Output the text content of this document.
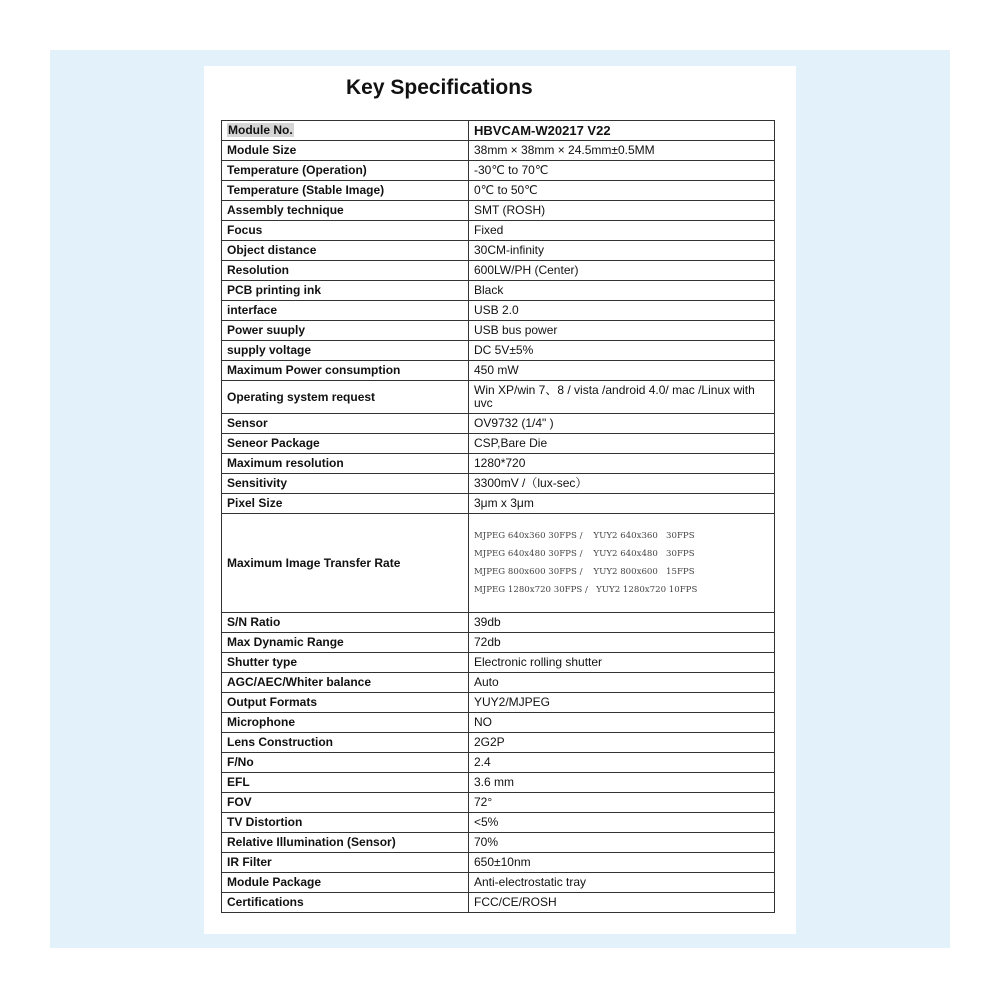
Key Specifications
Module No.	HBVCAM-W20217 V22
Module Size	38mm × 38mm × 24.5mm±0.5MM
Temperature (Operation)	-30℃ to 70℃
Temperature (Stable Image)	0℃ to 50℃
Assembly technique	SMT (ROSH)
Focus	Fixed
Object distance	30CM-infinity
Resolution	600LW/PH (Center)
PCB printing ink	Black
interface	USB 2.0
Power suuply	USB bus power
supply voltage	DC 5V±5%
Maximum Power consumption	450 mW
Operating system request	Win XP/win 7、8 / vista /android 4.0/ mac /Linux with uvc
Sensor	OV9732 (1/4" )
Seneor Package	CSP,Bare Die
Maximum resolution	1280*720
Sensitivity	3300mV /（lux-sec）
Pixel Size	3μm x 3μm
Maximum Image Transfer Rate	MJPEG 640x360 30FPS /    YUY2 640x360   30FPS
MJPEG 640x480 30FPS /    YUY2 640x480   30FPS
MJPEG 800x600 30FPS /    YUY2 800x600   15FPS
MJPEG 1280x720 30FPS /   YUY2 1280x720 10FPS

S/N Ratio	39db
Max Dynamic Range	72db
Shutter type	Electronic rolling shutter
AGC/AEC/Whiter balance	Auto
Output Formats	YUY2/MJPEG
Microphone	NO
Lens Construction	2G2P
F/No	2.4
EFL	3.6 mm
FOV	72°
TV Distortion	<5%
Relative Illumination (Sensor)	70%
IR Filter	650±10nm
Module Package	Anti-electrostatic tray
Certifications	FCC/CE/ROSH
